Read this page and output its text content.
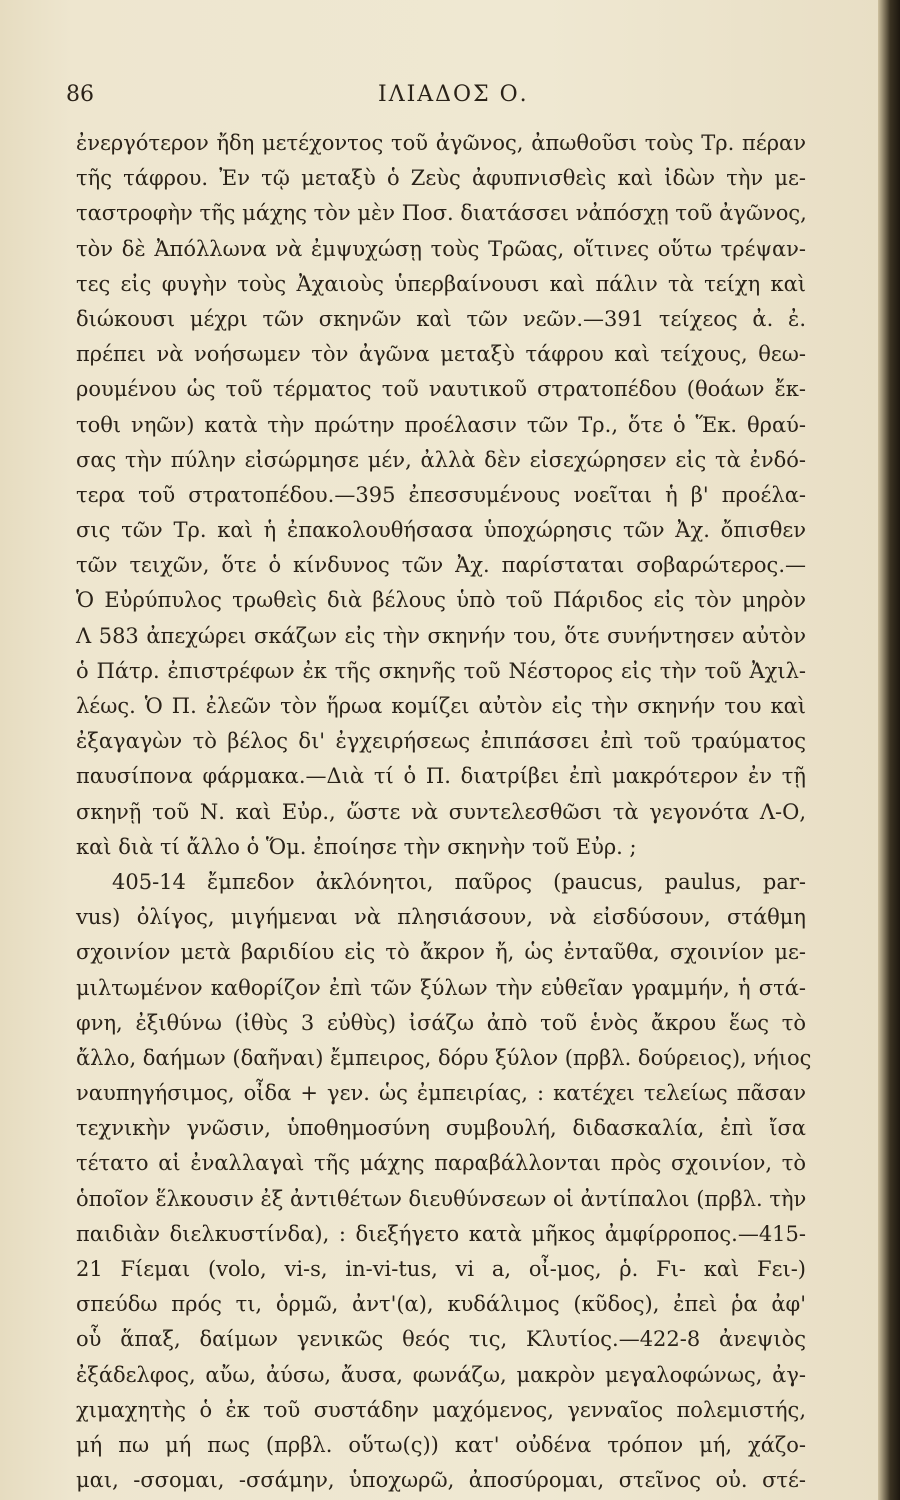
86	ΙΛΙΑΔΟΣ Ο.
ἐνεργότερον ἤδη μετέχοντος τοῦ ἀγῶνος, ἀπωθοῦσι τοὺς Τρ. πέραν
τῆς τάφρου. Ἐν τῷ μεταξὺ ὁ Ζεὺς ἀφυπνισθεὶς καὶ ἰδὼν τὴν με-
ταστροφὴν τῆς μάχης τὸν μὲν Ποσ. διατάσσει νἀπόσχῃ τοῦ ἀγῶνος,
τὸν δὲ Ἀπόλλωνα νὰ ἐμψυχώσῃ τοὺς Τρῶας, οἵτινες οὕτω τρέψαν-
τες εἰς φυγὴν τοὺς Ἀχαιοὺς ὑπερβαίνουσι καὶ πάλιν τὰ τείχη καὶ
διώκουσι μέχρι τῶν σκηνῶν καὶ τῶν νεῶν.—391 τείχεος ἀ. ἐ.
πρέπει νὰ νοήσωμεν τὸν ἀγῶνα μεταξὺ τάφρου καὶ τείχους, θεω-
ρουμένου ὡς τοῦ τέρματος τοῦ ναυτικοῦ στρατοπέδου (θοάων ἔκ-
τοθι νηῶν) κατὰ τὴν πρώτην προέλασιν τῶν Τρ., ὅτε ὁ Ἕκ. θραύ-
σας τὴν πύλην εἰσώρμησε μέν, ἀλλὰ δὲν εἰσεχώρησεν εἰς τὰ ἐνδό-
τερα τοῦ στρατοπέδου.—395 ἐπεσσυμένους νοεῖται ἡ β' προέλα-
σις τῶν Τρ. καὶ ἡ ἐπακολουθήσασα ὑποχώρησις τῶν Ἀχ. ὄπισθεν
τῶν τειχῶν, ὅτε ὁ κίνδυνος τῶν Ἀχ. παρίσταται σοβαρώτερος.—
Ὁ Εὐρύπυλος τρωθεὶς διὰ βέλους ὑπὸ τοῦ Πάριδος εἰς τὸν μηρὸν
Λ 583 ἀπεχώρει σκάζων εἰς τὴν σκηνήν του, ὅτε συνήντησεν αὐτὸν
ὁ Πάτρ. ἐπιστρέφων ἐκ τῆς σκηνῆς τοῦ Νέστορος εἰς τὴν τοῦ Ἀχιλ-
λέως. Ὁ Π. ἐλεῶν τὸν ἥρωα κομίζει αὐτὸν εἰς τὴν σκηνήν του καὶ
ἐξαγαγὼν τὸ βέλος δι' ἐγχειρήσεως ἐπιπάσσει ἐπὶ τοῦ τραύματος
παυσίπονα φάρμακα.—Διὰ τί ὁ Π. διατρίβει ἐπὶ μακρότερον ἐν τῇ
σκηνῇ τοῦ Ν. καὶ Εὐρ., ὥστε νὰ συντελεσθῶσι τὰ γεγονότα Λ-Ο,
καὶ διὰ τί ἄλλο ὁ Ὅμ. ἐποίησε τὴν σκηνὴν τοῦ Εὐρ. ;
405-14 ἔμπεδον ἀκλόνητοι, παῦρος (paucus, paulus, par-
vus) ὀλίγος, μιγήμεναι νὰ πλησιάσουν, νὰ εἰσδύσουν, στάθμη
σχοινίον μετὰ βαριδίου εἰς τὸ ἄκρον ἤ, ὡς ἐνταῦθα, σχοινίον με-
μιλτωμένον καθορίζον ἐπὶ τῶν ξύλων τὴν εὐθεῖαν γραμμήν, ἡ στά-
φνη, ἐξιθύνω (ἰθὺς 3 εὐθὺς) ἰσάζω ἀπὸ τοῦ ἑνὸς ἄκρου ἕως τὸ
ἄλλο, δαήμων (δαῆναι) ἔμπειρος, δόρυ ξύλον (πρβλ. δούρειος), νήιος
ναυπηγήσιμος, οἶδα + γεν. ὡς ἐμπειρίας, : κατέχει τελείως πᾶσαν
τεχνικὴν γνῶσιν, ὑποθημοσύνη συμβουλή, διδασκαλία, ἐπὶ ἴσα
τέτατο αἱ ἐναλλαγαὶ τῆς μάχης παραβάλλονται πρὸς σχοινίον, τὸ
ὁποῖον ἕλκουσιν ἐξ ἀντιθέτων διευθύνσεων οἱ ἀντίπαλοι (πρβλ. τὴν
παιδιὰν διελκυστίνδα), : διεξήγετο κατὰ μῆκος ἀμφίρροπος.—415-
21 Ϝίεμαι (volo, vi-s, in-vi-tus, vi a, οἶ-μος, ῥ. Ϝι- καὶ Ϝει-)
σπεύδω πρός τι, ὁρμῶ, ἀντ'(α), κυδάλιμος (κῦδος), ἐπεὶ ῥα ἀφ'
οὗ ἅπαξ, δαίμων γενικῶς θεός τις, Κλυτίος.—422-8 ἀνεψιὸς
ἐξάδελφος, αὔω, ἀύσω, ἄυσα, φωνάζω, μακρὸν μεγαλοφώνως, ἀγ-
χιμαχητὴς ὁ ἐκ τοῦ συστάδην μαχόμενος, γενναῖος πολεμιστής,
μή πω μή πως (πρβλ. οὕτω(ς)) κατ' οὐδένα τρόπον μή, χάζο-
μαι, -σσομαι, -σσάμην, ὑποχωρῶ, ἀποσύρομαι, στεῖνος οὐ. στέ-
